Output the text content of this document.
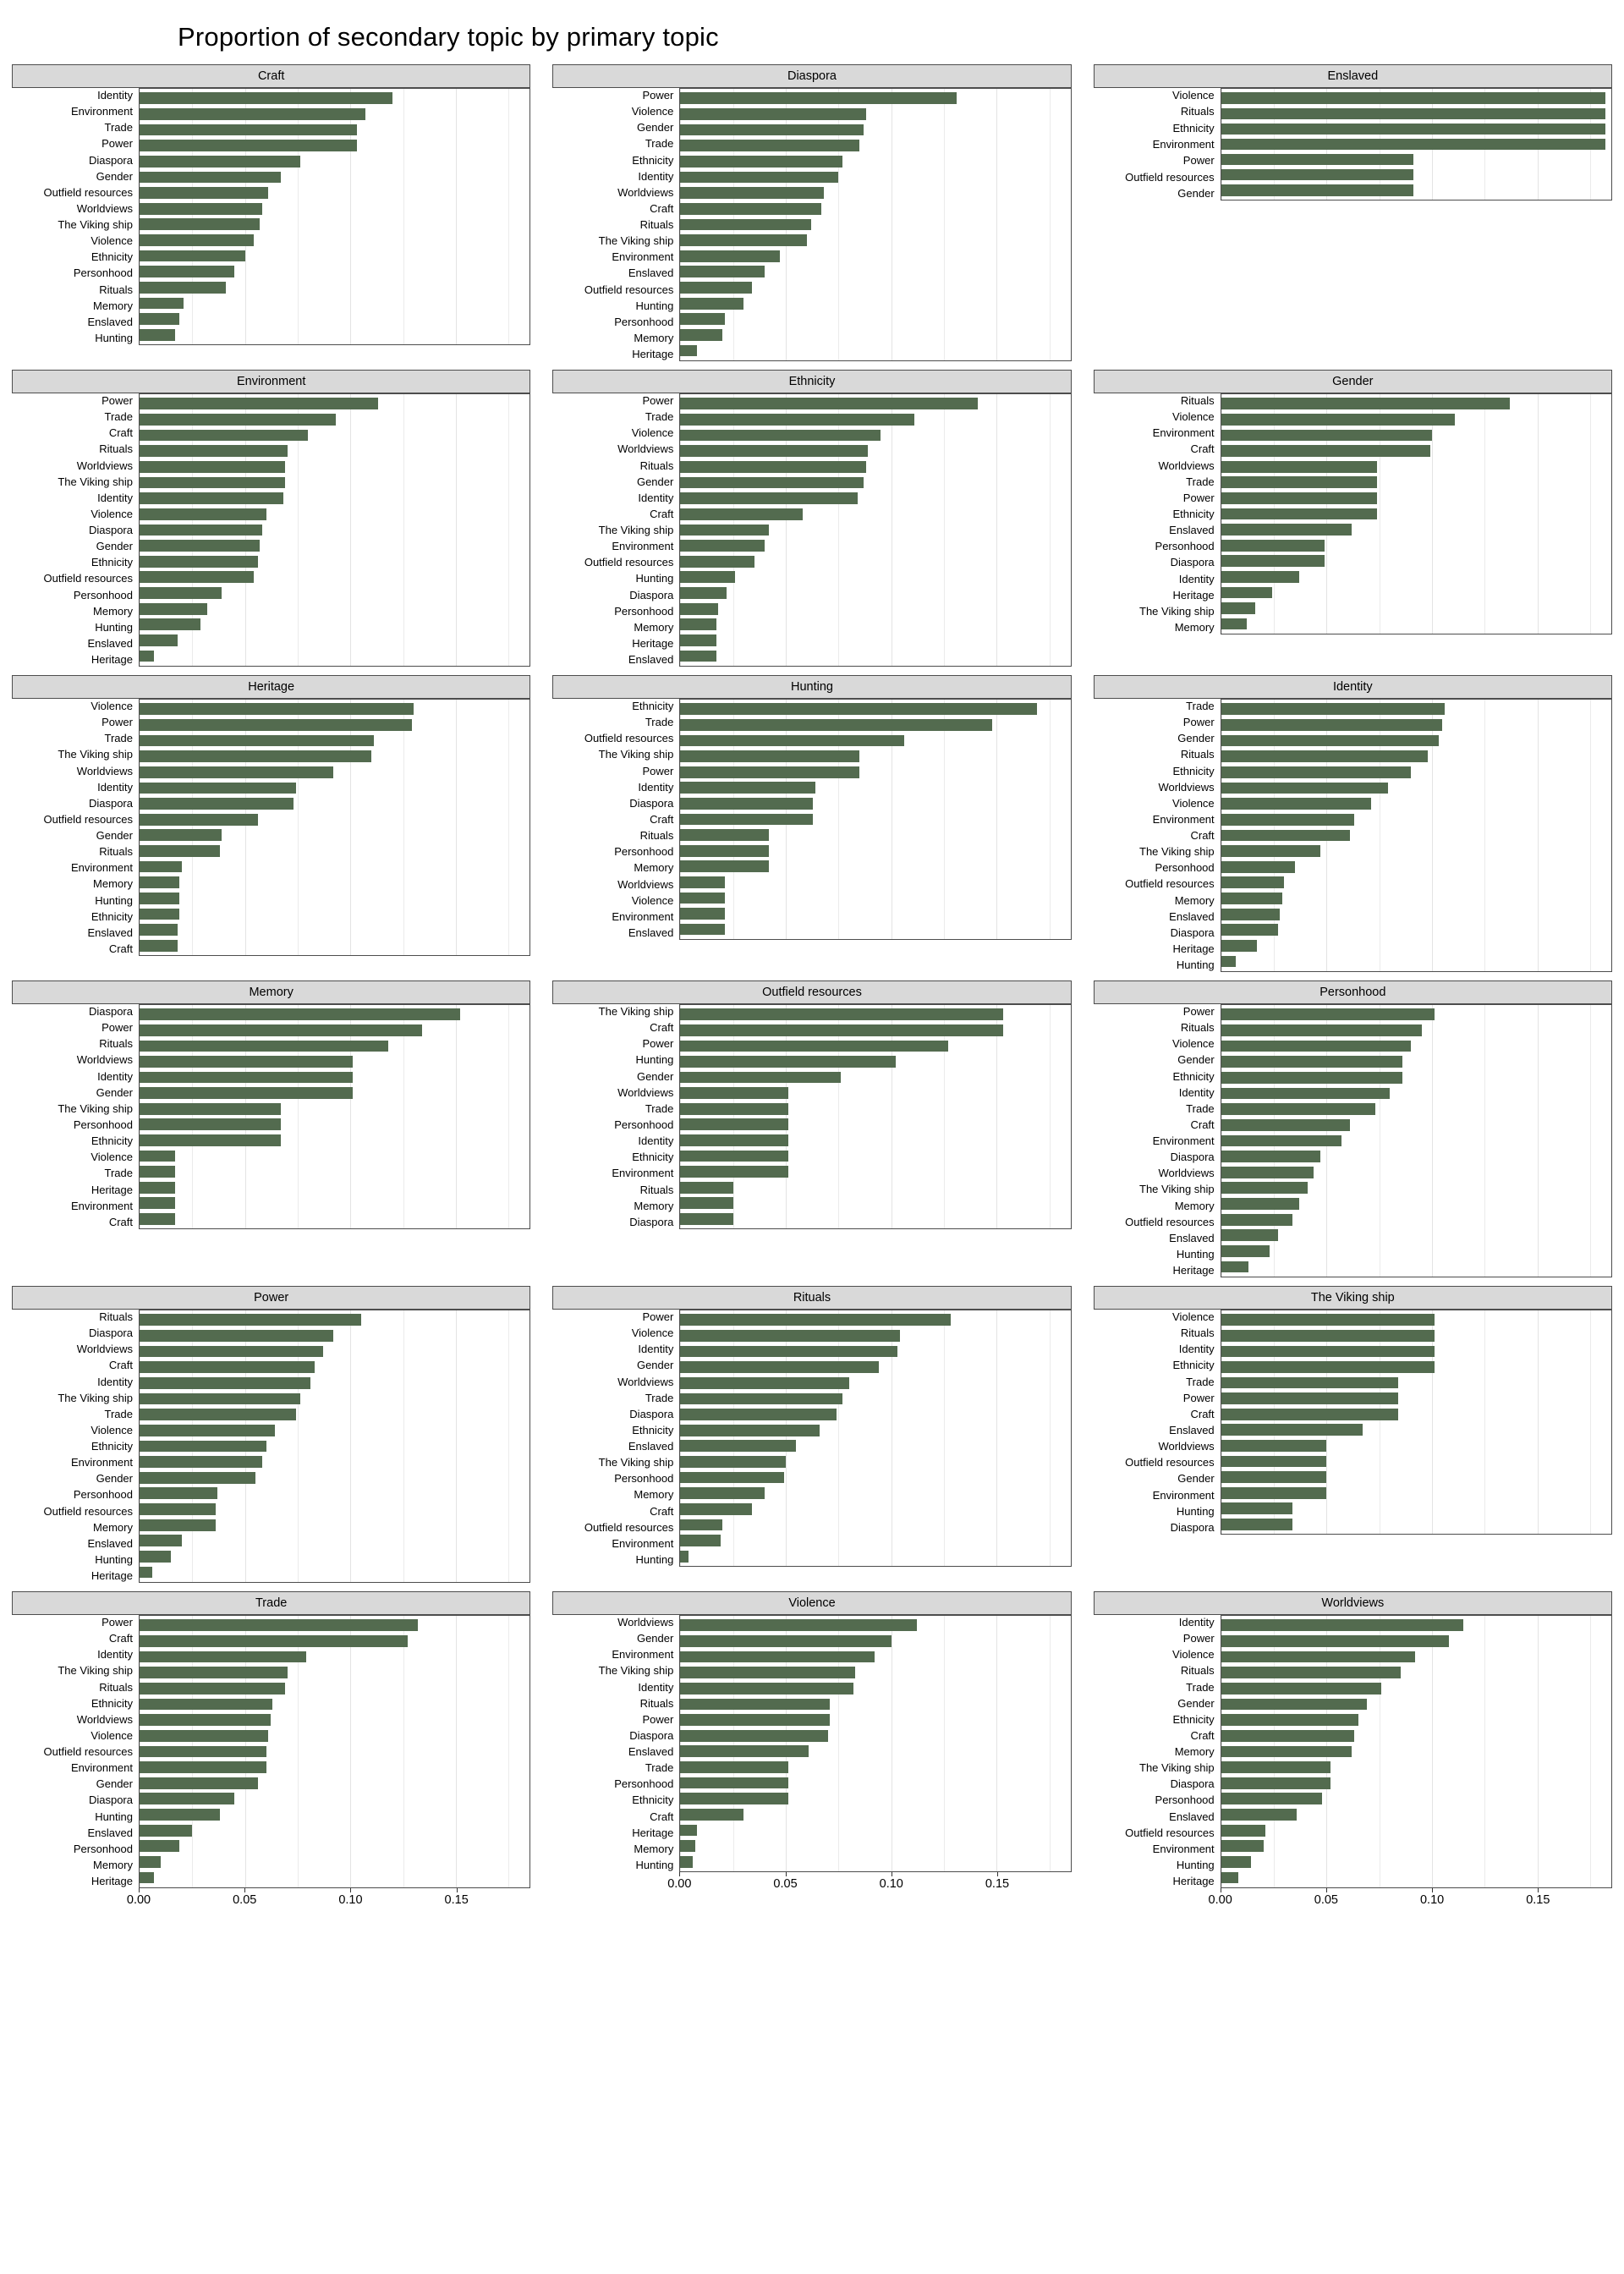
Proportion of secondary topic by primary topic
Craft
Identity
Environment
Trade
Power
Diaspora
Gender
Outfield resources
Worldviews
The Viking ship
Violence
Ethnicity
Personhood
Rituals
Memory
Enslaved
Hunting
Diaspora
Power
Violence
Gender
Trade
Ethnicity
Identity
Worldviews
Craft
Rituals
The Viking ship
Environment
Enslaved
Outfield resources
Hunting
Personhood
Memory
Heritage
Enslaved
Violence
Rituals
Ethnicity
Environment
Power
Outfield resources
Gender
Environment
Power
Trade
Craft
Rituals
Worldviews
The Viking ship
Identity
Violence
Diaspora
Gender
Ethnicity
Outfield resources
Personhood
Memory
Hunting
Enslaved
Heritage
Ethnicity
Power
Trade
Violence
Worldviews
Rituals
Gender
Identity
Craft
The Viking ship
Environment
Outfield resources
Hunting
Diaspora
Personhood
Memory
Heritage
Enslaved
Gender
Rituals
Violence
Environment
Craft
Worldviews
Trade
Power
Ethnicity
Enslaved
Personhood
Diaspora
Identity
Heritage
The Viking ship
Memory
Heritage
Violence
Power
Trade
The Viking ship
Worldviews
Identity
Diaspora
Outfield resources
Gender
Rituals
Environment
Memory
Hunting
Ethnicity
Enslaved
Craft
Hunting
Ethnicity
Trade
Outfield resources
The Viking ship
Power
Identity
Diaspora
Craft
Rituals
Personhood
Memory
Worldviews
Violence
Environment
Enslaved
Identity
Trade
Power
Gender
Rituals
Ethnicity
Worldviews
Violence
Environment
Craft
The Viking ship
Personhood
Outfield resources
Memory
Enslaved
Diaspora
Heritage
Hunting
Memory
Diaspora
Power
Rituals
Worldviews
Identity
Gender
The Viking ship
Personhood
Ethnicity
Violence
Trade
Heritage
Environment
Craft
Outfield resources
The Viking ship
Craft
Power
Hunting
Gender
Worldviews
Trade
Personhood
Identity
Ethnicity
Environment
Rituals
Memory
Diaspora
Personhood
Power
Rituals
Violence
Gender
Ethnicity
Identity
Trade
Craft
Environment
Diaspora
Worldviews
The Viking ship
Memory
Outfield resources
Enslaved
Hunting
Heritage
Power
Rituals
Diaspora
Worldviews
Craft
Identity
The Viking ship
Trade
Violence
Ethnicity
Environment
Gender
Personhood
Outfield resources
Memory
Enslaved
Hunting
Heritage
Rituals
Power
Violence
Identity
Gender
Worldviews
Trade
Diaspora
Ethnicity
Enslaved
The Viking ship
Personhood
Memory
Craft
Outfield resources
Environment
Hunting
The Viking ship
Violence
Rituals
Identity
Ethnicity
Trade
Power
Craft
Enslaved
Worldviews
Outfield resources
Gender
Environment
Hunting
Diaspora
Trade
Power
Craft
Identity
The Viking ship
Rituals
Ethnicity
Worldviews
Violence
Outfield resources
Environment
Gender
Diaspora
Hunting
Enslaved
Personhood
Memory
Heritage
0.00	0.05	0.10	0.15
Violence
Worldviews
Gender
Environment
The Viking ship
Identity
Rituals
Power
Diaspora
Enslaved
Trade
Personhood
Ethnicity
Craft
Heritage
Memory
Hunting
0.00	0.05	0.10	0.15
Worldviews
Identity
Power
Violence
Rituals
Trade
Gender
Ethnicity
Craft
Memory
The Viking ship
Diaspora
Personhood
Enslaved
Outfield resources
Environment
Hunting
Heritage
0.00	0.05	0.10	0.15
